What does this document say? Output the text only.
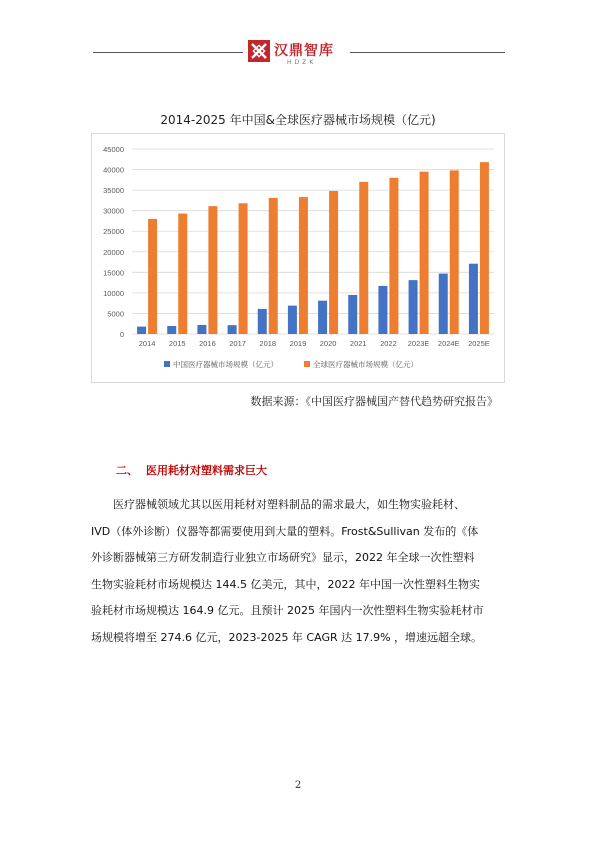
汉鼎智库
HDZK
2014-2025 年中国&全球医疗器械市场规模（亿元)
0
5000
10000
15000
20000
25000
30000
35000
40000
45000
2014 2015 2016 2017 2018 2019 2020 2021 2022 2023E 2024E 2025E
中国医疗器械市场规模（亿元）	全球医疗器械市场规模（亿元）
数据来源：《中国医疗器械国产替代趋势研究报告》
二、 医用耗材对塑料需求巨大
　　医疗器械领域尤其以医用耗材对塑料制品的需求最大，如生物实验耗材、
IVD（体外诊断）仪器等都需要使用到大量的塑料。Frost&Sullivan 发布的《体
外诊断器械第三方研发制造行业独立市场研究》显示，2022 年全球一次性塑料
生物实验耗材市场规模达 144.5 亿美元，其中，2022 年中国一次性塑料生物实
验耗材市场规模达 164.9 亿元。且预计 2025 年国内一次性塑料生物实验耗材市
场规模将增至 274.6 亿元，2023-2025 年 CAGR 达 17.9% ，增速远超全球。
2
